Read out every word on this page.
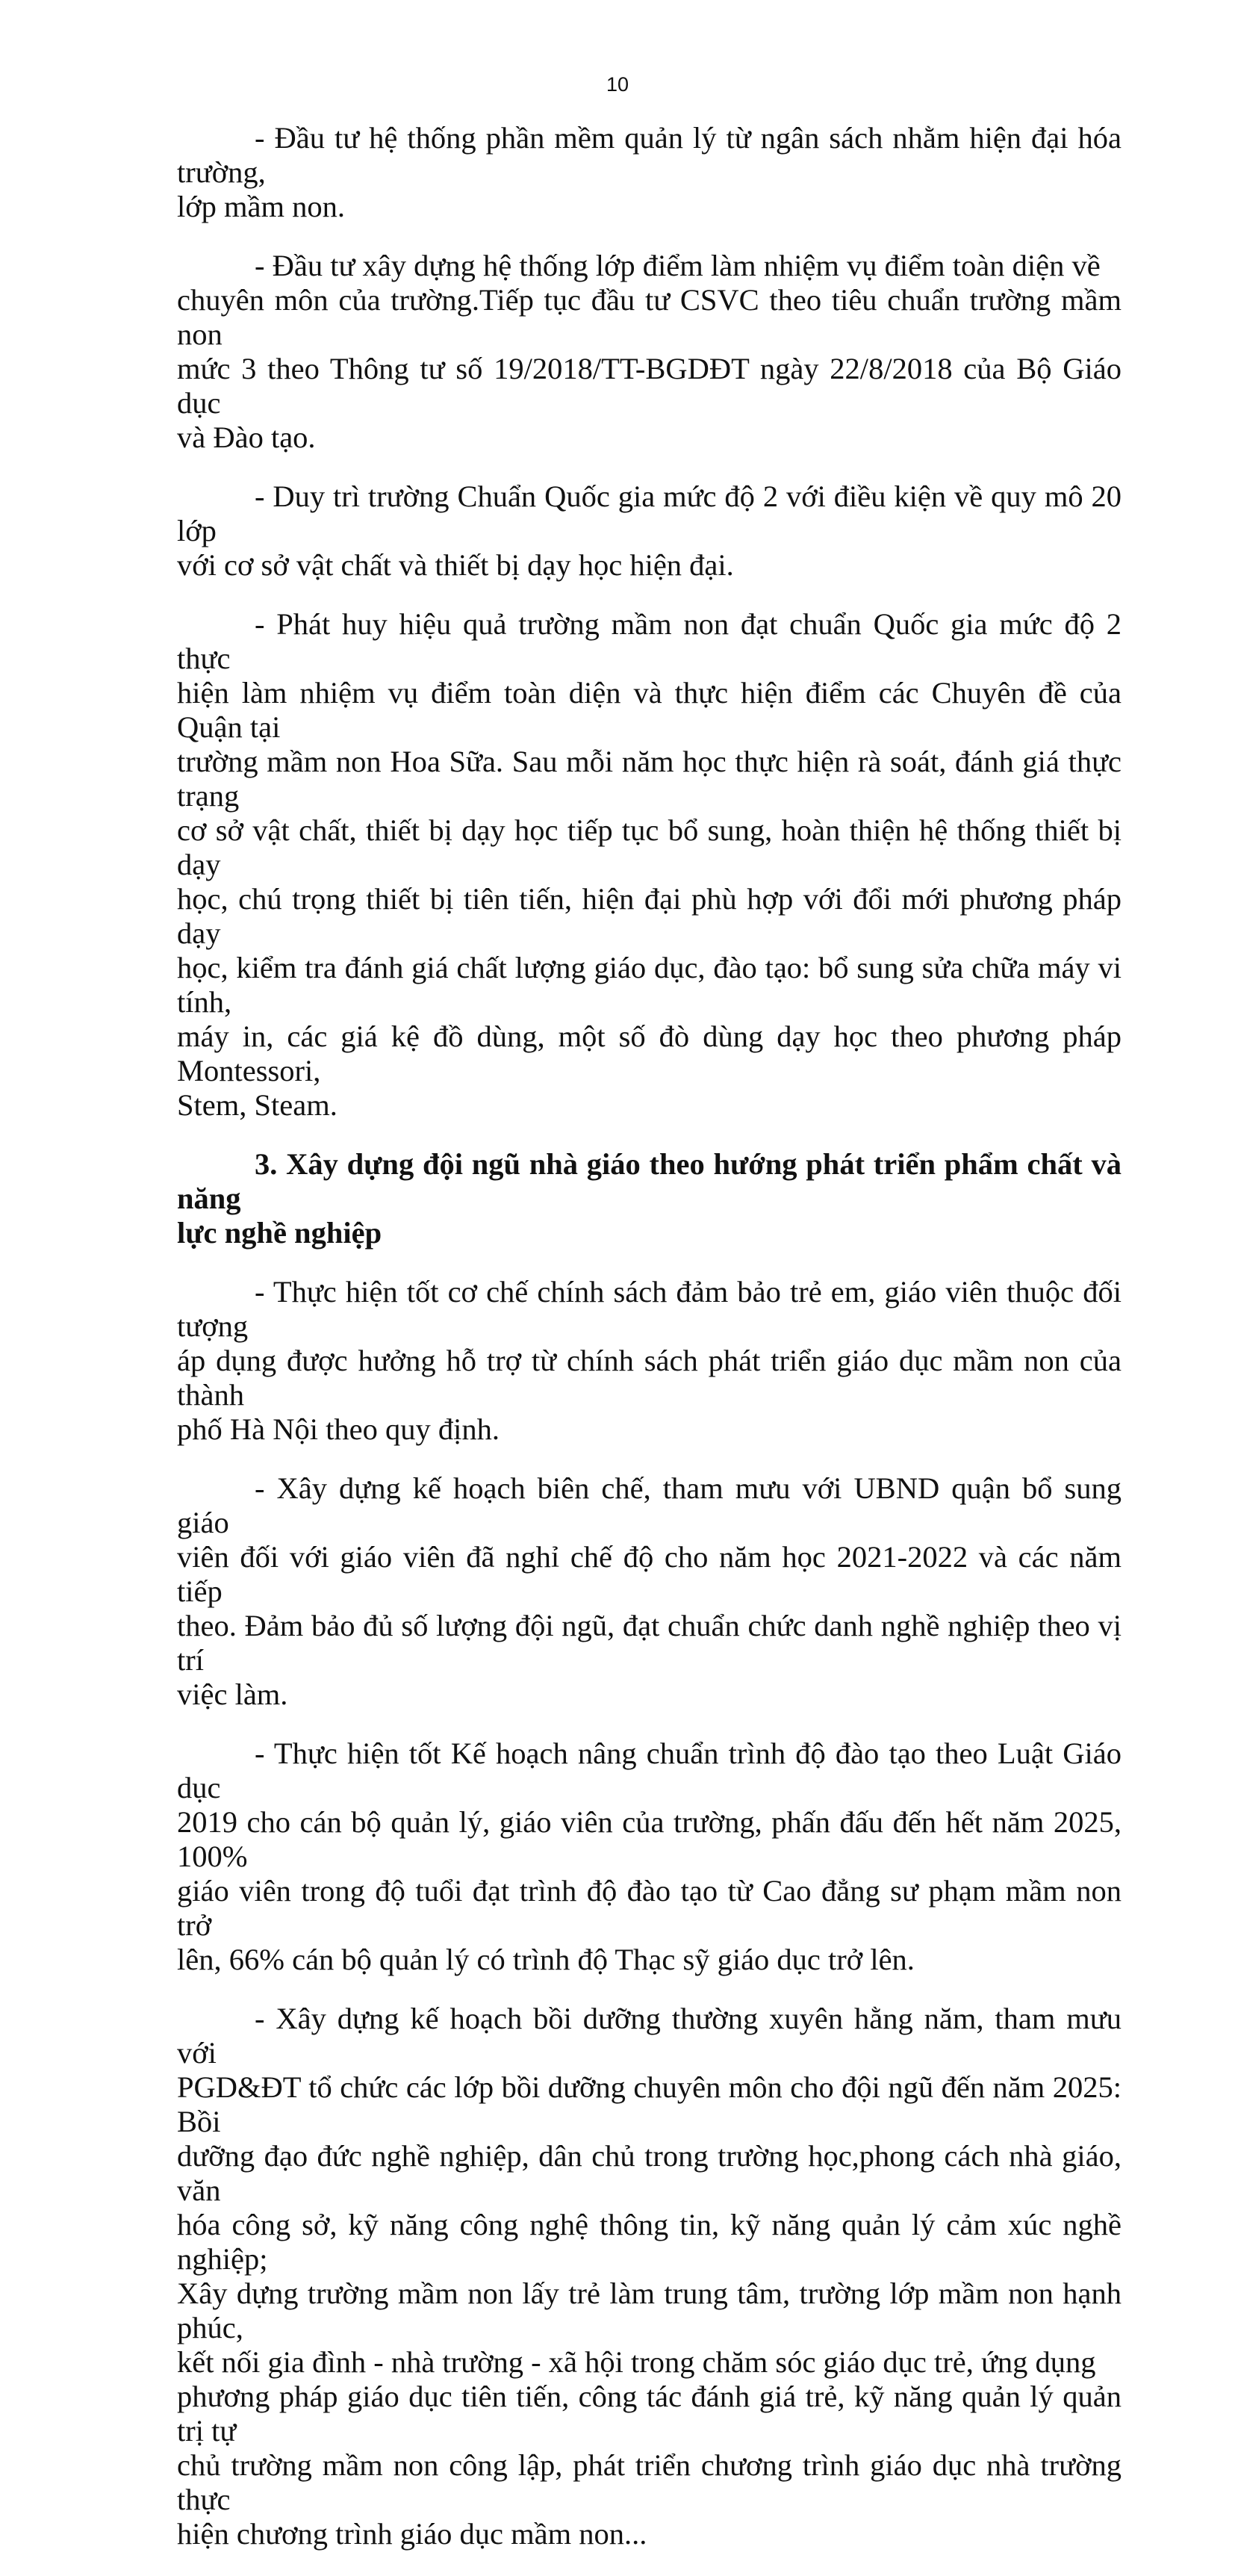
10

- Đầu tư hệ thống phần mềm quản lý từ ngân sách nhằm hiện đại hóa trường,
lớp mầm non.

- Đầu tư xây dựng hệ thống lớp điểm làm nhiệm vụ điểm toàn diện về
chuyên môn của trường.Tiếp tục đầu tư CSVC theo tiêu chuẩn trường mầm non
mức 3 theo Thông tư số 19/2018/TT-BGDĐT ngày 22/8/2018 của Bộ Giáo dục
và Đào tạo.

- Duy trì trường Chuẩn Quốc gia mức độ 2 với điều kiện về quy mô 20 lớp
với cơ sở vật chất và thiết bị dạy học hiện đại.

- Phát huy hiệu quả trường mầm non đạt chuẩn Quốc gia mức độ 2 thực
hiện làm nhiệm vụ điểm toàn diện và thực hiện điểm các Chuyên đề của Quận tại
trường mầm non Hoa Sữa. Sau mỗi năm học thực hiện rà soát, đánh giá thực trạng
cơ sở vật chất, thiết bị dạy học tiếp tục bổ sung, hoàn thiện hệ thống thiết bị dạy
học, chú trọng thiết bị tiên tiến, hiện đại phù hợp với đổi mới phương pháp dạy
học, kiểm tra đánh giá chất lượng giáo dục, đào tạo: bổ sung sửa chữa máy vi tính,
máy in, các giá kệ đồ dùng, một số đò dùng dạy học theo phương pháp Montessori,
Stem, Steam.

3. Xây dựng đội ngũ nhà giáo theo hướng phát triển phẩm chất và năng
lực nghề nghiệp

- Thực hiện tốt cơ chế chính sách đảm bảo trẻ em, giáo viên thuộc đối tượng
áp dụng được hưởng hỗ trợ từ chính sách phát triển giáo dục mầm non của thành
phố Hà Nội theo quy định.

- Xây dựng kế hoạch biên chế, tham mưu với UBND quận bổ sung giáo
viên đối với giáo viên đã nghỉ chế độ cho năm học 2021-2022 và các năm tiếp
theo. Đảm bảo đủ số lượng đội ngũ, đạt chuẩn chức danh nghề nghiệp theo vị trí
việc làm.

- Thực hiện tốt Kế hoạch nâng chuẩn trình độ đào tạo theo Luật Giáo dục
2019 cho cán bộ quản lý, giáo viên của trường, phấn đấu đến hết năm 2025, 100%
giáo viên trong độ tuổi đạt trình độ đào tạo từ Cao đẳng sư phạm mầm non trở
lên, 66% cán bộ quản lý có trình độ Thạc sỹ giáo dục trở lên.

- Xây dựng kế hoạch bồi dưỡng thường xuyên hằng năm, tham mưu với
PGD&ĐT tổ chức các lớp bồi dưỡng chuyên môn cho đội ngũ đến năm 2025: Bồi
dưỡng đạo đức nghề nghiệp, dân chủ trong trường học,phong cách nhà giáo, văn
hóa công sở, kỹ năng công nghệ thông tin, kỹ năng quản lý cảm xúc nghề nghiệp;
Xây dựng trường mầm non lấy trẻ làm trung tâm, trường lớp mầm non hạnh phúc,
kết nối gia đình - nhà trường - xã hội trong chăm sóc giáo dục trẻ, ứng dụng
phương pháp giáo dục tiên tiến, công tác đánh giá trẻ, kỹ năng quản lý quản trị tự
chủ trường mầm non công lập, phát triển chương trình giáo dục nhà trường thực
hiện chương trình giáo dục mầm non...
